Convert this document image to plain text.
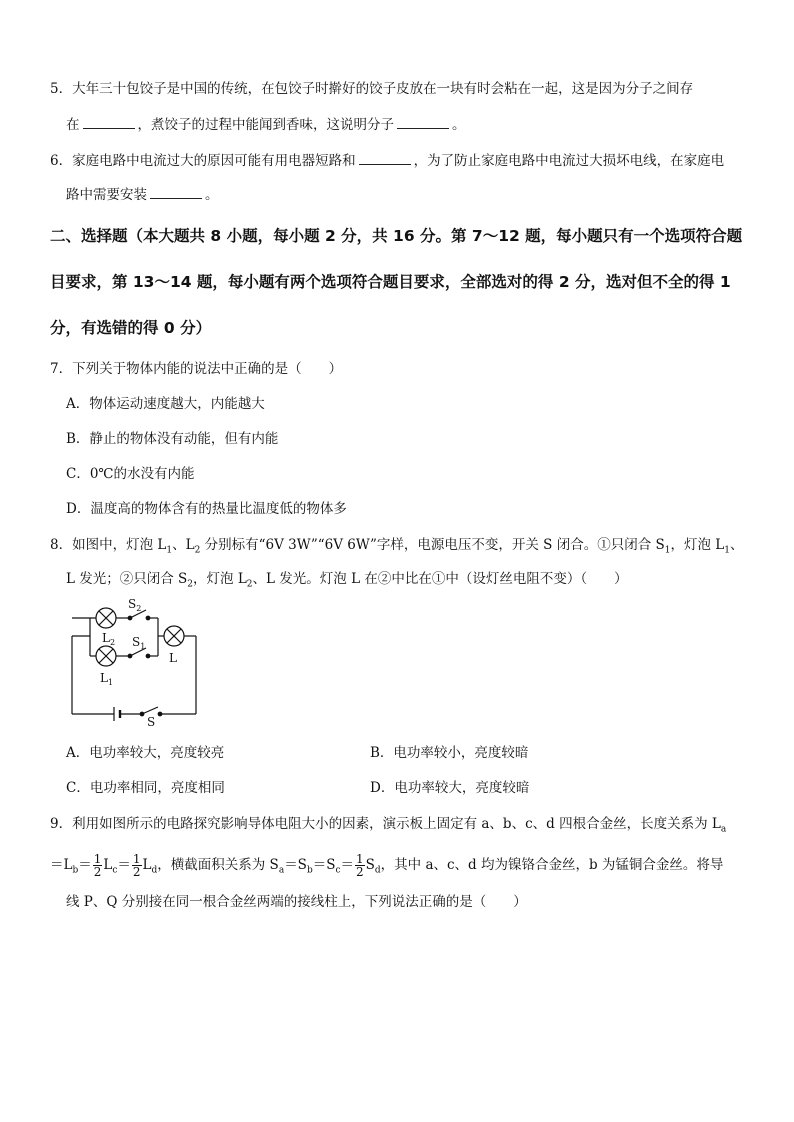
5．大年三十包饺子是中国的传统，在包饺子时擀好的饺子皮放在一块有时会粘在一起，这是因为分子之间存
在	，煮饺子的过程中能闻到香味，这说明分子	。
6．家庭电路中电流过大的原因可能有用电器短路和	，为了防止家庭电路中电流过大损坏电线，在家庭电
路中需要安装	。
二、选择题（本大题共 8 小题，每小题 2 分，共 16 分。第 7～12 题，每小题只有一个选项符合题
目要求，第 13～14 题，每小题有两个选项符合题目要求，全部选对的得 2 分，选对但不全的得 1
分，有选错的得 0 分）
7．下列关于物体内能的说法中正确的是（　　）
A．物体运动速度越大，内能越大
B．静止的物体没有动能，但有内能
C．0℃的水没有内能
D．温度高的物体含有的热量比温度低的物体多
8．如图中，灯泡 $L_1$、$L_2$ 分别标有“6V 3W”“6V 6W”字样，电源电压不变，开关 S 闭合。①只闭合 $S_1$，灯泡 $L_1$、
L 发光；②只闭合 $S_2$，灯泡 $L_2$、L 发光。灯泡 L 在②中比在①中（设灯丝电阻不变）（　　）
$S_2$
$L_2$ $S_1$
$L_1$
L
S
A．电功率较大，亮度较亮	B．电功率较小，亮度较暗
C．电功率相同，亮度相同	D．电功率较大，亮度较暗
9．利用如图所示的电路探究影响导体电阻大小的因素，演示板上固定有 a、b、c、d 四根合金丝，长度关系为 $L_a$
$=L_b= \frac{1}{2} L_c= \frac{1}{2} L_d$，横截面积关系为 $S_a=S_b=S_c= \frac{1}{2} S_d$，其中 a、c、d 均为镍铬合金丝，b 为锰铜合金丝。将导
线 P、Q 分别接在同一根合金丝两端的接线柱上，下列说法正确的是（　　）
